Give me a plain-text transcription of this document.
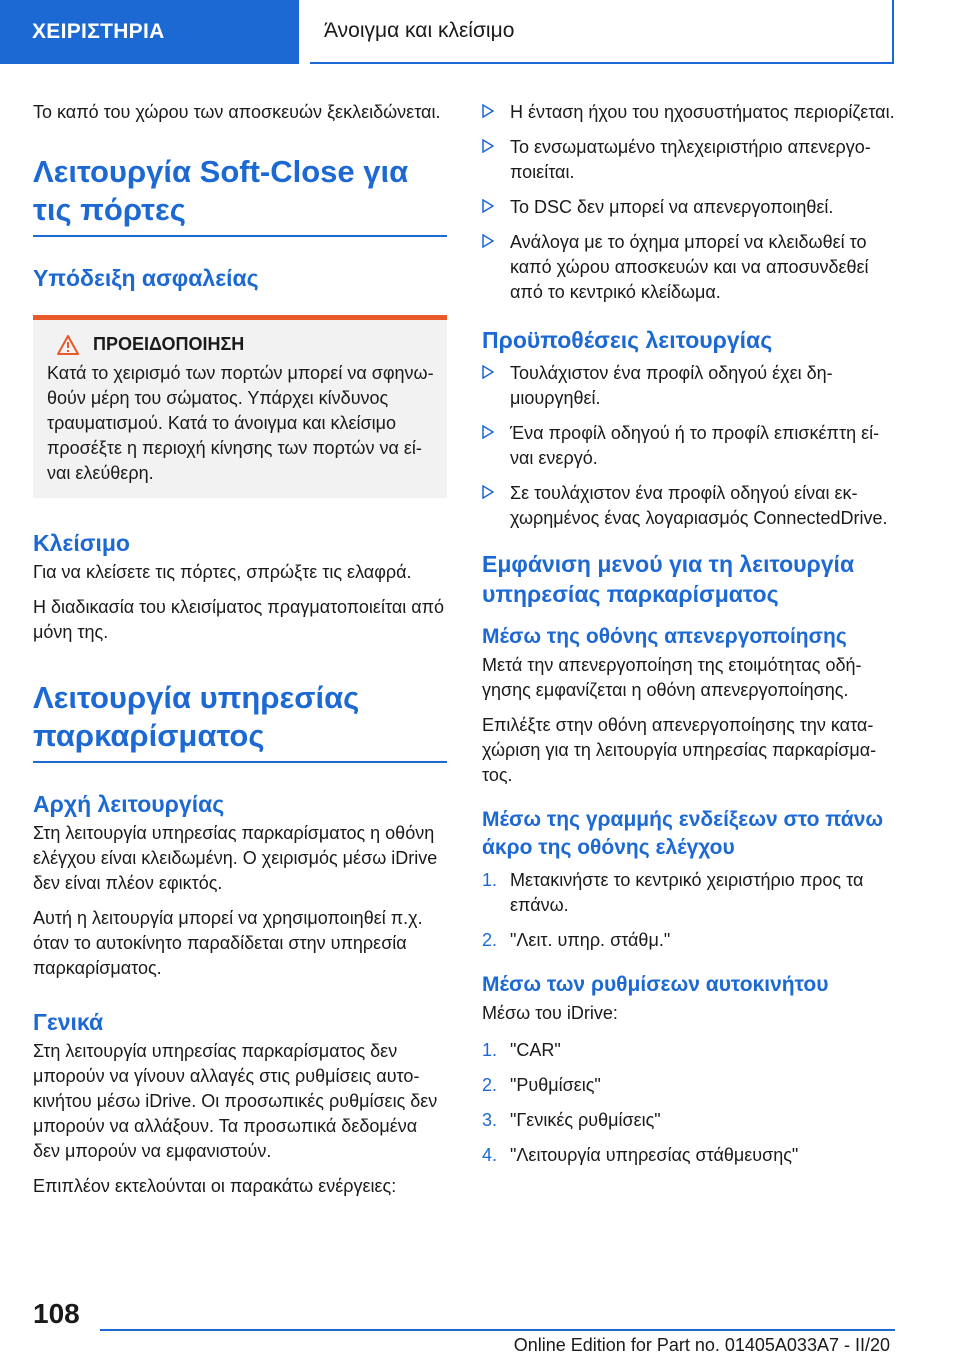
ΧΕΙΡΙΣΤΗΡΙΑ	Άνοιγμα και κλείσιμο

Το καπό του χώρου των αποσκευών ξεκλειδώνεται.

Λειτουργία Soft-Close για τις πόρτες
Υπόδειξη ασφαλείας
ΠΡΟΕΙΔΟΠΟΙΗΣΗ

Κατά το χειρισμό των πορτών μπορεί να σφηνωθούν μέρη του σώματος. Υπάρχει κίνδυνος τραυματισμού. Κατά το άνοιγμα και κλείσιμο προσέξτε η περιοχή κίνησης των πορτών να είναι ελεύθερη.

Κλείσιμο

Για να κλείσετε τις πόρτες, σπρώξτε τις ελαφρά.

Η διαδικασία του κλεισίματος πραγματοποιείται από μόνη της.

Λειτουργία υπηρεσίας παρκαρίσματος
Αρχή λειτουργίας

Στη λειτουργία υπηρεσίας παρκαρίσματος η οθόνη ελέγχου είναι κλειδωμένη. Ο χειρισμός μέσω iDrive δεν είναι πλέον εφικτός.

Αυτή η λειτουργία μπορεί να χρησιμοποιηθεί π.χ. όταν το αυτοκίνητο παραδίδεται στην υπηρεσία παρκαρίσματος.

Γενικά

Στη λειτουργία υπηρεσίας παρκαρίσματος δεν μπορούν να γίνουν αλλαγές στις ρυθμίσεις αυτοκινήτου μέσω iDrive. Οι προσωπικές ρυθμίσεις δεν μπορούν να αλλάξουν. Τα προσωπικά δεδομένα δεν μπορούν να εμφανιστούν.

Επιπλέον εκτελούνται οι παρακάτω ενέργειες:

Η ένταση ήχου του ηχοσυστήματος περιορίζεται.
Το ενσωματωμένο τηλεχειριστήριο απενεργοποιείται.
Το DSC δεν μπορεί να απενεργοποιηθεί.
Ανάλογα με το όχημα μπορεί να κλειδωθεί το καπό χώρου αποσκευών και να αποσυνδεθεί από το κεντρικό κλείδωμα.
Προϋποθέσεις λειτουργίας
Τουλάχιστον ένα προφίλ οδηγού έχει δημιουργηθεί.
Ένα προφίλ οδηγού ή το προφίλ επισκέπτη είναι ενεργό.
Σε τουλάχιστον ένα προφίλ οδηγού είναι εκχωρημένος ένας λογαριασμός ConnectedDrive.
Εμφάνιση μενού για τη λειτουργία υπηρεσίας παρκαρίσματος
Μέσω της οθόνης απενεργοποίησης

Μετά την απενεργοποίηση της ετοιμότητας οδήγησης εμφανίζεται η οθόνη απενεργοποίησης.

Επιλέξτε στην οθόνη απενεργοποίησης την καταχώριση για τη λειτουργία υπηρεσίας παρκαρίσματος.

Μέσω της γραμμής ενδείξεων στο πάνω άκρο της οθόνης ελέγχου
1. Μετακινήστε το κεντρικό χειριστήριο προς τα επάνω.
2. "Λειτ. υπηρ. στάθμ."
Μέσω των ρυθμίσεων αυτοκινήτου

Μέσω του iDrive:

1. "CAR"
2. "Ρυθμίσεις"
3. "Γενικές ρυθμίσεις"
4. "Λειτουργία υπηρεσίας στάθμευσης"
108
Online Edition for Part no. 01405A033A7 - II/20
